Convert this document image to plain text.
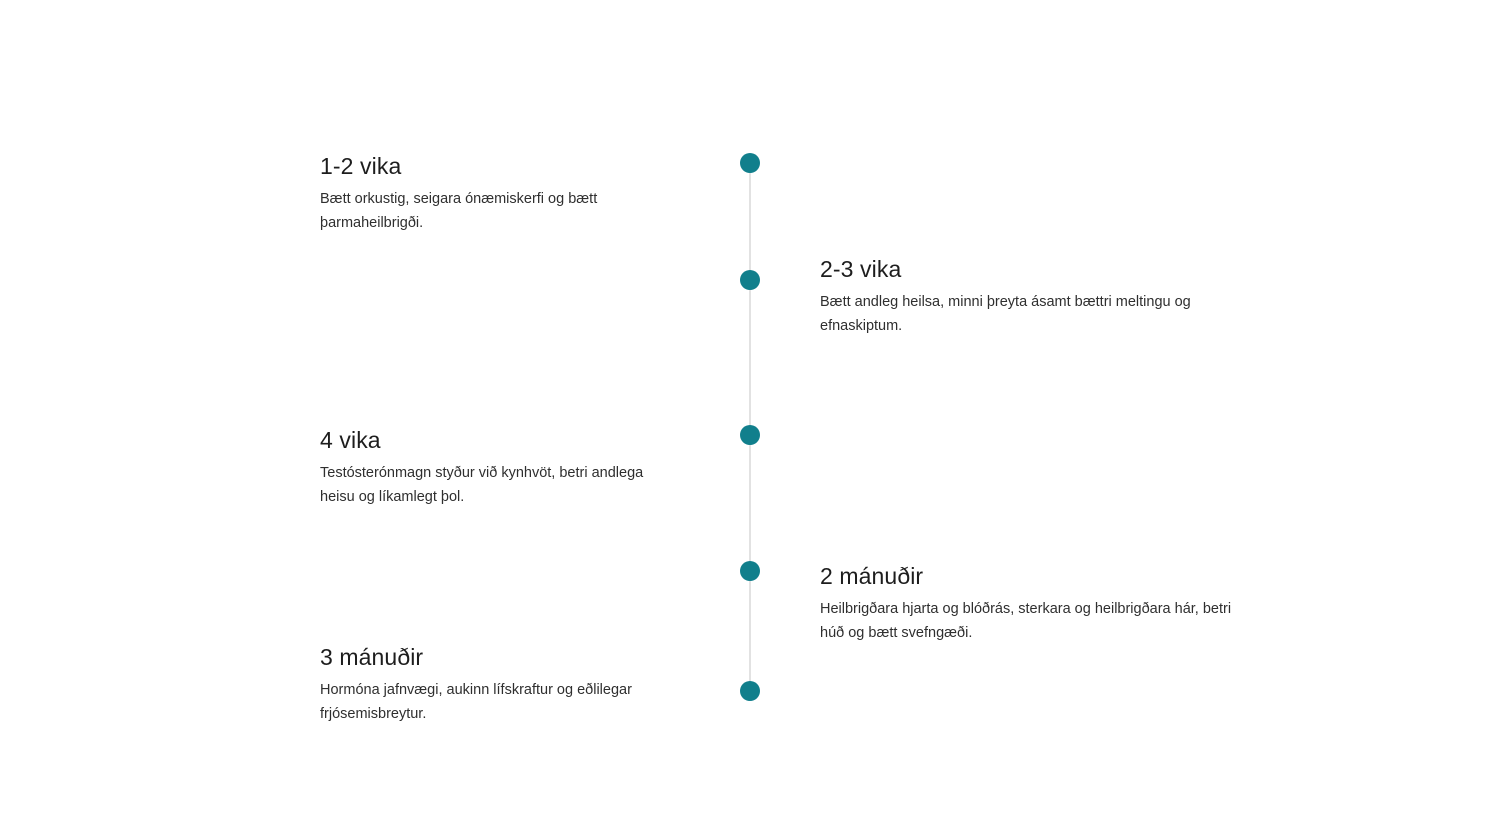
1-2 vika

Bætt orkustig, seigara ónæmiskerfi og bætt þarmaheilbrigði.

2-3 vika

Bætt andleg heilsa, minni þreyta ásamt bættri meltingu og efnaskiptum.

4 vika

Testósterónmagn styður við kynhvöt, betri andlega heisu og líkamlegt þol.

2 mánuðir

Heilbrigðara hjarta og blóðrás, sterkara og heilbrigðara hár, betri húð og bætt svefngæði.

3 mánuðir

Hormóna jafnvægi, aukinn lífskraftur og eðlilegar frjósemisbreytur.
